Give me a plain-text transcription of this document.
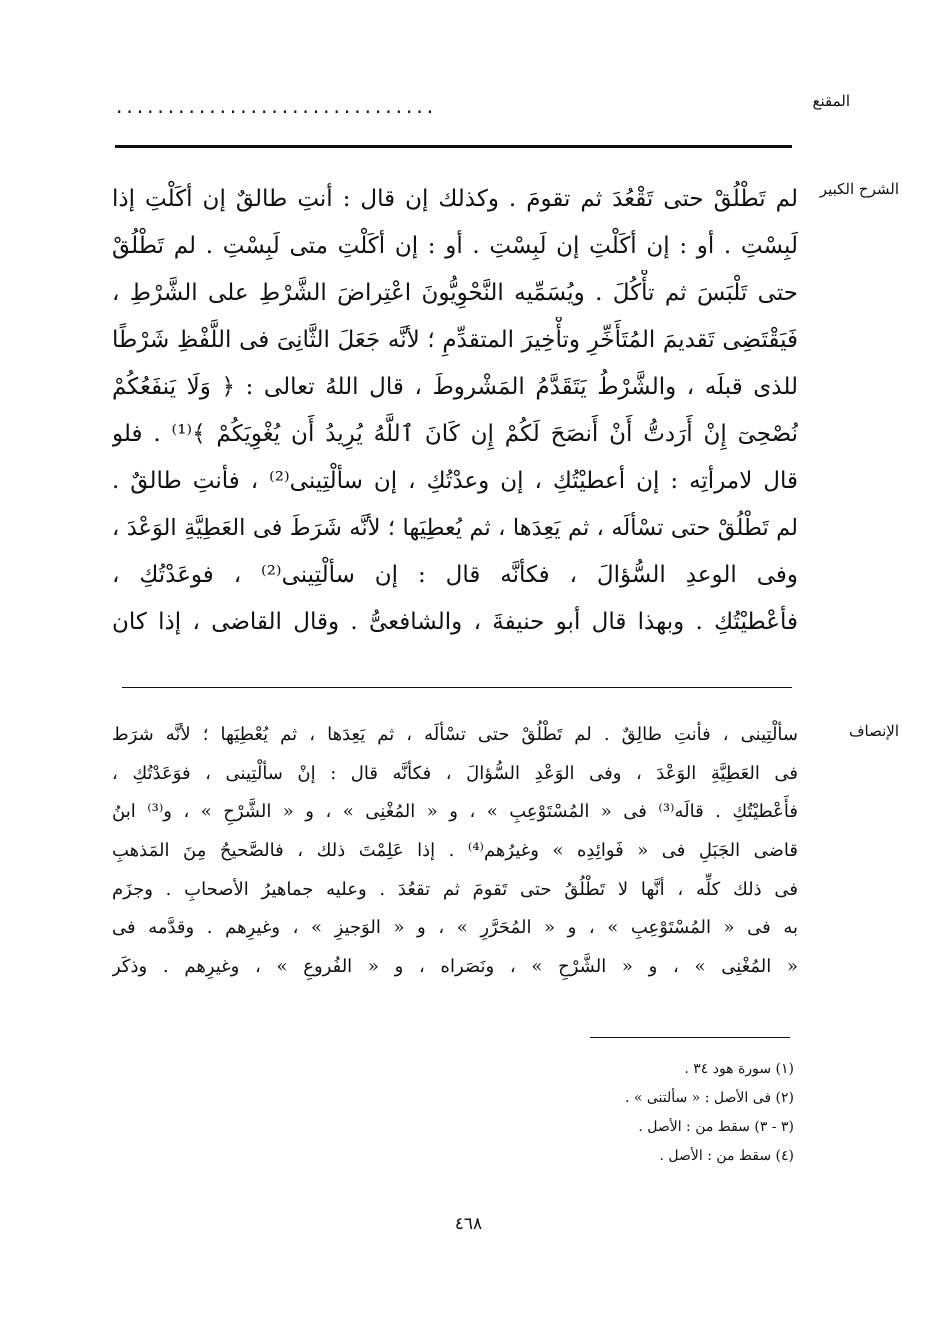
المقنع
...............................
الشرح الكبير
لم تَطْلُقْ حتى تَقْعُدَ ثم تقومَ . وكذلك إن قال : أنتِ طالقٌ إن أكَلْتِ إذا
لَبِسْتِ . أو : إن أكَلْتِ إن لَبِسْتِ . أو : إن أكَلْتِ متى لَبِسْتِ . لم تَطْلُقْ
حتى تَلْبَسَ ثم تأْكُلَ . ويُسَمِّيه النَّحْوِيُّونَ اعْتِراضَ الشَّرْطِ على الشَّرْطِ ،
فَيَقْتَضِى تَقديمَ المُتَأَخِّرِ وتأْخِيرَ المتقدِّمِ ؛ لأنَّه جَعَلَ الثَّانِىَ فى اللَّفْظِ شَرْطًا
للذى قبلَه ، والشَّرْطُ يَتَقَدَّمُ المَشْروطَ ، قال اللهُ تعالى : ﴿ وَلَا يَنفَعُكُمْ
نُصْحِىٓ إِنْ أَرَدتُّ أَنْ أَنصَحَ لَكُمْ إِن كَانَ ٱللَّهُ يُرِيدُ أَن يُغْوِيَكُمْ ﴾⁽¹⁾ . فلو
قال لامرأتِه : إن أعطيْتُكِ ، إن وعدْتُكِ ، إن سألْتِينى⁽²⁾ ، فأنتِ طالقٌ .
لم تَطْلُقْ حتى تسْألَه ، ثم يَعِدَها ، ثم يُعطِيَها ؛ لأنَّه شَرَطَ فى العَطِيَّةِ الوَعْدَ ،
وفى الوعدِ السُّؤالَ ، فكأنَّه قال : إن سألْتِينى⁽²⁾ ، فوعَدْتُكِ ،
فأعْطيْتُكِ . وبهذا قال أبو حنيفةَ ، والشافعىُّ . وقال القاضى ، إذا كان
الإنصاف
سألْتِينى ، فأنتِ طالِقٌ . لم تَطْلُقْ حتى تسْألَه ، ثم يَعِدَها ، ثم يُعْطِيَها ؛ لأنَّه شرَط
فى العَطِيَّةِ الوَعْدَ ، وفى الوَعْدِ السُّؤالَ ، فكأنَّه قال : إنْ سألْتِينى ، فوَعَدْتُكِ ،
فأَعْطيْتُكِ . قالَه⁽³⁾ فى « المُسْتَوْعِبِ » ، و « المُغْنِى » ، و « الشَّرْحِ » ، و⁽³⁾ ابنُ
قاضى الجَبَلِ فى « فَوائِدِه » وغيرُهم⁽⁴⁾ . إذا عَلِمْتَ ذلك ، فالصَّحيحُ مِنَ المَذهبِ
فى ذلك كلِّه ، أنَّها لا تَطْلُقُ حتى تَقومَ ثم تقعُدَ . وعليه جماهيرُ الأصحابِ . وجزَم
به فى « المُسْتَوْعِبِ » ، و « المُحَرَّرِ » ، و « الوَجيزِ » ، وغيرِهم . وقدَّمه فى
« المُغْنِى » ، و « الشَّرْحِ » ، ونَصَراه ، و « الفُروعِ » ، وغيرِهم . وذكَر
(١) سورة هود ٣٤ .
(٢) فى الأصل : « سألتنى » .
(٣ - ٣) سقط من : الأصل .
(٤) سقط من : الأصل .
٤٦٨
